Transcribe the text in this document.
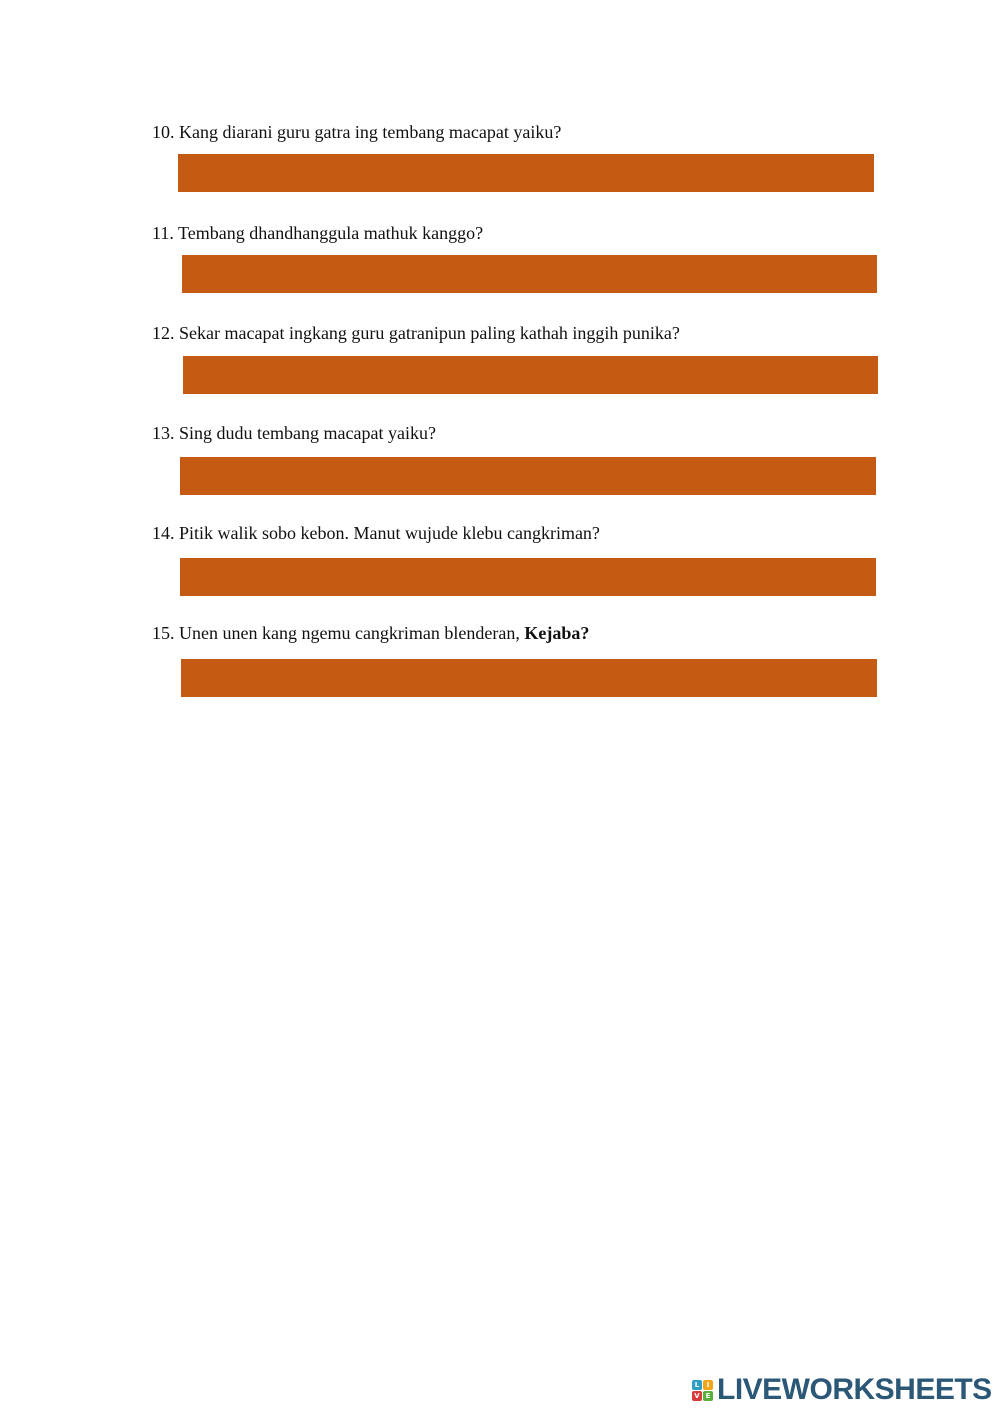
10. Kang diarani guru gatra ing tembang macapat yaiku?
11. Tembang dhandhanggula mathuk kanggo?
12. Sekar macapat ingkang guru gatranipun paling kathah inggih punika?
13. Sing dudu tembang macapat yaiku?
14. Pitik walik sobo kebon. Manut wujude klebu cangkriman?
15. Unen unen kang ngemu cangkriman blenderan, Kejaba?
L	I
V E LIVEWORKSHEETS
